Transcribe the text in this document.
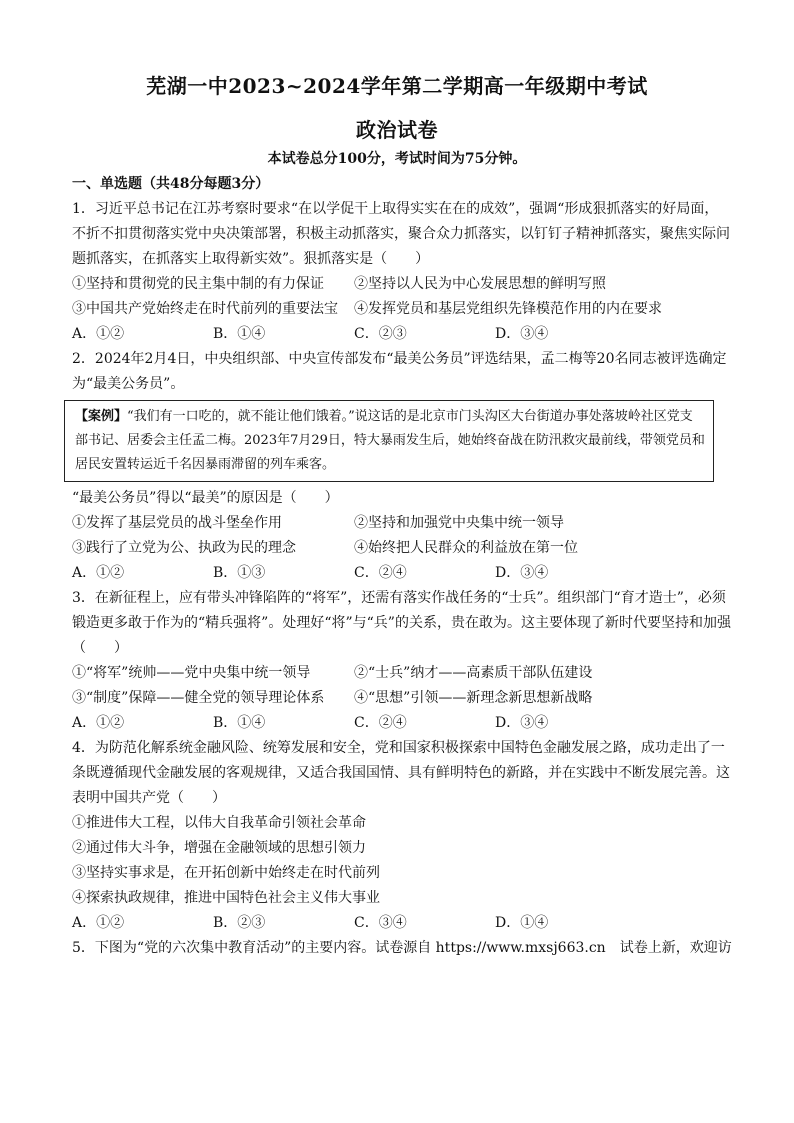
芜湖一中2023~2024学年第二学期高一年级期中考试
政治试卷
本试卷总分100分，考试时间为75分钟。
一、单选题（共48分每题3分）
1．习近平总书记在江苏考察时要求“在以学促干上取得实实在在的成效”，强调“形成狠抓落实的好局面，不折不扣贯彻落实党中央决策部署，积极主动抓落实，聚合众力抓落实，以钉钉子精神抓落实，聚焦实际问题抓落实，在抓落实上取得新实效”。狠抓落实是（　　）
①坚持和贯彻党的民主集中制的有力保证	②坚持以人民为中心发展思想的鲜明写照
③中国共产党始终走在时代前列的重要法宝	④发挥党员和基层党组织先锋模范作用的内在要求
A．①②	B．①④	C．②③	D．③④
2．2024年2月4日，中央组织部、中央宣传部发布“最美公务员”评选结果，孟二梅等20名同志被评选确定为“最美公务员”。
【案例】“我们有一口吃的，就不能让他们饿着。”说这话的是北京市门头沟区大台街道办事处落坡岭社区党支部书记、居委会主任孟二梅。2023年7月29日，特大暴雨发生后，她始终奋战在防汛救灾最前线，带领党员和居民安置转运近千名因暴雨滞留的列车乘客。
“最美公务员”得以“最美”的原因是（　　）
①发挥了基层党员的战斗堡垒作用	②坚持和加强党中央集中统一领导
③践行了立党为公、执政为民的理念	④始终把人民群众的利益放在第一位
A．①②	B．①③	C．②④	D．③④
3．在新征程上，应有带头冲锋陷阵的“将军”，还需有落实作战任务的“士兵”。组织部门“育才造士”，必须锻造更多敢于作为的“精兵强将”。处理好“将”与“兵”的关系，贵在敢为。这主要体现了新时代要坚持和加强（　　）
①“将军”统帅——党中央集中统一领导	②“士兵”纳才——高素质干部队伍建设
③“制度”保障——健全党的领导理论体系	④“思想”引领——新理念新思想新战略
A．①②	B．①④	C．②④	D．③④
4．为防范化解系统金融风险、统筹发展和安全，党和国家积极探索中国特色金融发展之路，成功走出了一条既遵循现代金融发展的客观规律，又适合我国国情、具有鲜明特色的新路，并在实践中不断发展完善。这表明中国共产党（　　）
①推进伟大工程，以伟大自我革命引领社会革命
②通过伟大斗争，增强在金融领域的思想引领力
③坚持实事求是，在开拓创新中始终走在时代前列
④探索执政规律，推进中国特色社会主义伟大事业
A．①②	B．②③	C．③④	D．①④
5．下图为“党的六次集中教育活动”的主要内容。试卷源自 https://www.mxsj663.cn　试卷上新，欢迎访
